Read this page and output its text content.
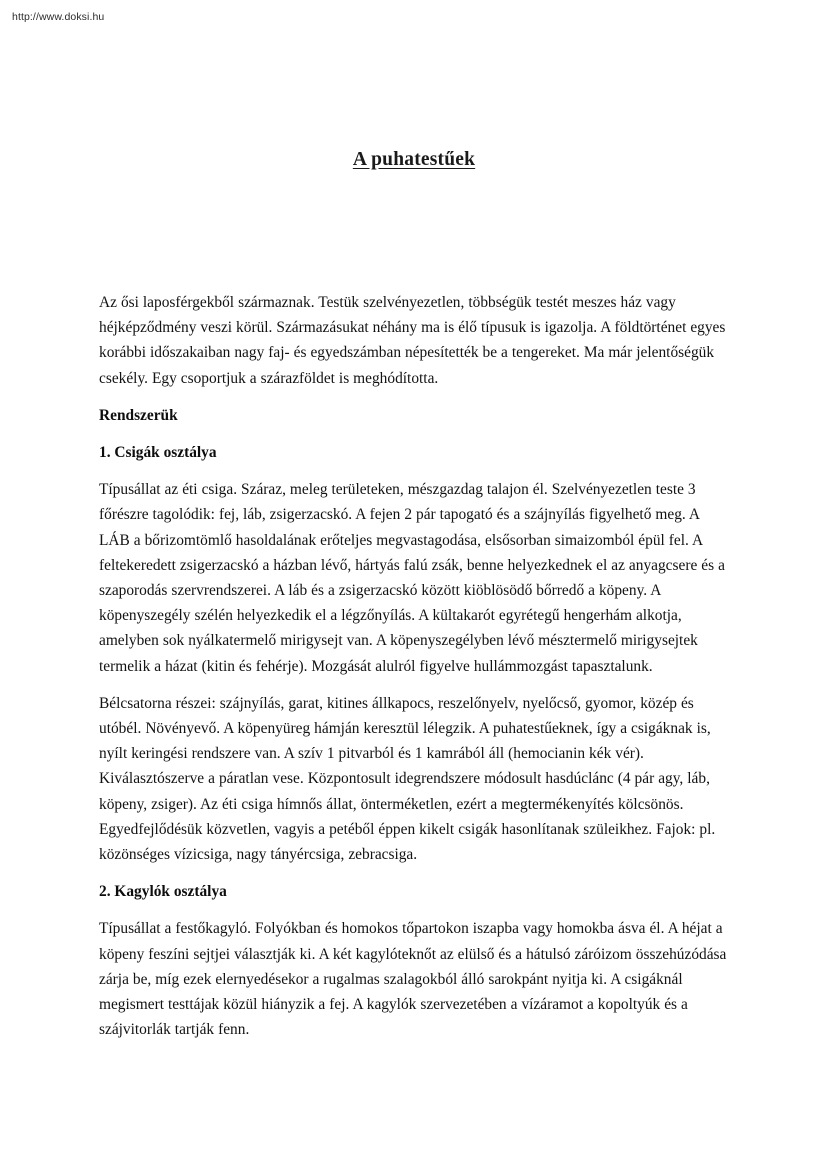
http://www.doksi.hu
A puhatestűek

Az ősi laposférgekből származnak. Testük szelvényezetlen, többségük testét meszes ház vagy héjképződmény veszi körül. Származásukat néhány ma is élő típusuk is igazolja. A földtörténet egyes korábbi időszakaiban nagy faj- és egyedszámban népesítették be a tengereket. Ma már jelentőségük csekély. Egy csoportjuk a szárazföldet is meghódította.

Rendszerük
1. Csigák osztálya

Típusállat az éti csiga. Száraz, meleg területeken, mészgazdag talajon él. Szelvényezetlen teste 3 főrészre tagolódik: fej, láb, zsigerzacskó. A fejen 2 pár tapogató és a szájnyílás figyelhető meg. A LÁB a bőrizomtömlő hasoldalának erőteljes megvastagodása, elsősorban simaizomból épül fel. A feltekeredett zsigerzacskó a házban lévő, hártyás falú zsák, benne helyezkednek el az anyagcsere és a szaporodás szervrendszerei. A láb és a zsigerzacskó között kiöblösödő bőrredő a köpeny. A köpenyszegély szélén helyezkedik el a légzőnyílás. A kültakarót egyrétegű hengerhám alkotja, amelyben sok nyálkatermelő mirigysejt van. A köpenyszegélyben lévő mésztermelő mirigysejtek termelik a házat (kitin és fehérje). Mozgását alulról figyelve hullámmozgást tapasztalunk.

Bélcsatorna részei: szájnyílás, garat, kitines állkapocs, reszelőnyelv, nyelőcső, gyomor, közép és utóbél. Növényevő. A köpenyüreg hámján keresztül lélegzik. A puhatestűeknek, így a csigáknak is, nyílt keringési rendszere van. A szív 1 pitvarból és 1 kamrából áll (hemocianin kék vér). Kiválasztószerve a páratlan vese. Központosult idegrendszere módosult hasdúclánc (4 pár agy, láb, köpeny, zsiger). Az éti csiga hímnős állat, önterméketlen, ezért a megtermékenyítés kölcsönös. Egyedfejlődésük közvetlen, vagyis a petéből éppen kikelt csigák hasonlítanak szüleikhez. Fajok: pl. közönséges vízicsiga, nagy tányércsiga, zebracsiga.

2. Kagylók osztálya

Típusállat a festőkagyló. Folyókban és homokos tőpartokon iszapba vagy homokba ásva él. A héjat a köpeny feszíni sejtjei választják ki. A két kagylóteknőt az elülső és a hátulsó záróizom összehúzódása zárja be, míg ezek elernyedésekor a rugalmas szalagokból álló sarokpánt nyitja ki. A csigáknál megismert testtájak közül hiányzik a fej. A kagylók szervezetében a vízáramot a kopoltyúk és a szájvitorlák tartják fenn.
